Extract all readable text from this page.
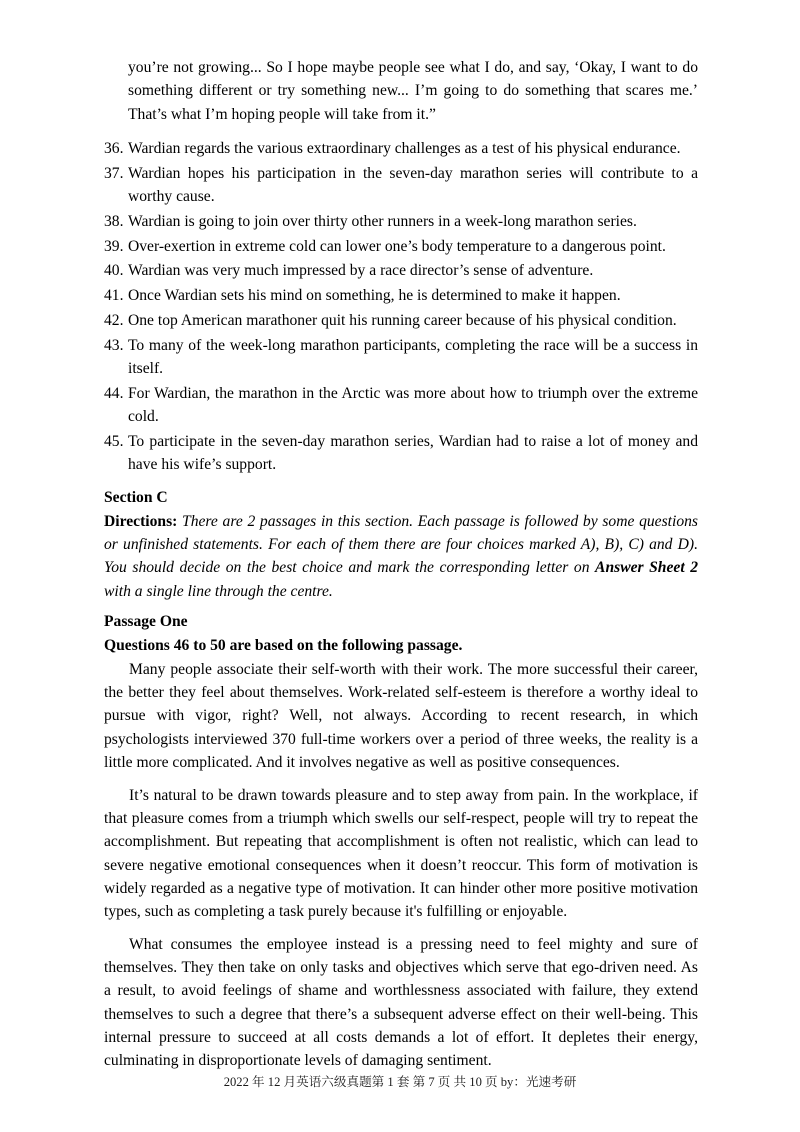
you’re not growing... So I hope maybe people see what I do, and say, ‘Okay, I want to do something different or try something new... I’m going to do something that scares me.’ That’s what I’m hoping people will take from it.”

36. Wardian regards the various extraordinary challenges as a test of his physical endurance.
37. Wardian hopes his participation in the seven-day marathon series will contribute to a worthy cause.
38. Wardian is going to join over thirty other runners in a week-long marathon series.
39. Over-exertion in extreme cold can lower one’s body temperature to a dangerous point.
40. Wardian was very much impressed by a race director’s sense of adventure.
41. Once Wardian sets his mind on something, he is determined to make it happen.
42. One top American marathoner quit his running career because of his physical condition.
43. To many of the week-long marathon participants, completing the race will be a success in itself.
44. For Wardian, the marathon in the Arctic was more about how to triumph over the extreme cold.
45. To participate in the seven-day marathon series, Wardian had to raise a lot of money and have his wife’s support.
Section C

Directions: There are 2 passages in this section. Each passage is followed by some questions or unfinished statements. For each of them there are four choices marked A), B), C) and D). You should decide on the best choice and mark the corresponding letter on Answer Sheet 2 with a single line through the centre.

Passage One

Questions 46 to 50 are based on the following passage.

Many people associate their self-worth with their work. The more successful their career, the better they feel about themselves. Work-related self-esteem is therefore a worthy ideal to pursue with vigor, right? Well, not always. According to recent research, in which psychologists interviewed 370 full-time workers over a period of three weeks, the reality is a little more complicated. And it involves negative as well as positive consequences.

It’s natural to be drawn towards pleasure and to step away from pain. In the workplace, if that pleasure comes from a triumph which swells our self-respect, people will try to repeat the accomplishment. But repeating that accomplishment is often not realistic, which can lead to severe negative emotional consequences when it doesn’t reoccur. This form of motivation is widely regarded as a negative type of motivation. It can hinder other more positive motivation types, such as completing a task purely because it's fulfilling or enjoyable.

What consumes the employee instead is a pressing need to feel mighty and sure of themselves. They then take on only tasks and objectives which serve that ego-driven need. As a result, to avoid feelings of shame and worthlessness associated with failure, they extend themselves to such a degree that there’s a subsequent adverse effect on their well-being. This internal pressure to succeed at all costs demands a lot of effort. It depletes their energy, culminating in disproportionate levels of damaging sentiment.

2022 年 12 月英语六级真题第 1 套 第 7 页 共 10 页 by：光速考研
